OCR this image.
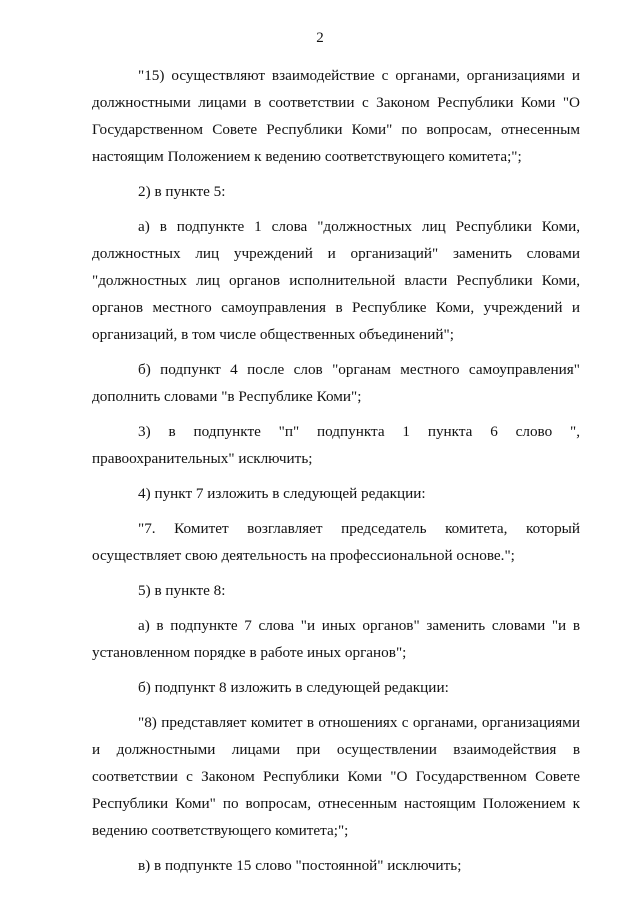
2

"15) осуществляют взаимодействие с органами, организациями и должностными лицами в соответствии с Законом Республики Коми "О Государственном Совете Республики Коми" по вопросам, отнесенным настоящим Положением к ведению соответствующего комитета;";

2) в пункте 5:

а) в подпункте 1 слова "должностных лиц Республики Коми, должностных лиц учреждений и организаций" заменить словами "должностных лиц органов исполнительной власти Республики Коми, органов местного самоуправления в Республике Коми, учреждений и организаций, в том числе общественных объединений";

б) подпункт 4 после слов "органам местного самоуправления" дополнить словами "в Республике Коми";

3) в подпункте "п" подпункта 1 пункта 6 слово ", правоохранительных" исключить;

4) пункт 7 изложить в следующей редакции:

"7. Комитет возглавляет председатель комитета, который осуществляет свою деятельность на профессиональной основе.";

5) в пункте 8:

а) в подпункте 7 слова "и иных органов" заменить словами "и в установленном порядке в работе иных органов";

б) подпункт 8 изложить в следующей редакции:

"8) представляет комитет в отношениях с органами, организациями и должностными лицами при осуществлении взаимодействия в соответствии с Законом Республики Коми "О Государственном Совете Республики Коми" по вопросам, отнесенным настоящим Положением к ведению соответствующего комитета;";

в) в подпункте 15 слово "постоянной" исключить;
